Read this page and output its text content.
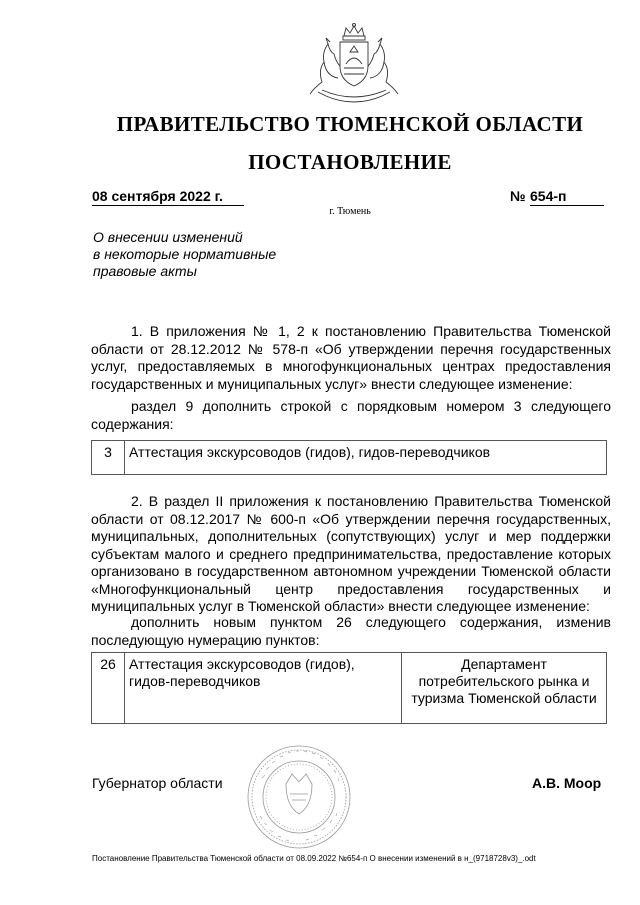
ПРАВИТЕЛЬСТВО ТЮМЕНСКОЙ ОБЛАСТИ
ПОСТАНОВЛЕНИЕ
08 сентября 2022 г.	№ 654-п
г. Тюмень
О внесении изменений
в некоторые нормативные
правовые акты
1. В приложения № 1, 2 к постановлению Правительства Тюменской области от 28.12.2012 № 578-п «Об утверждении перечня государственных услуг, предоставляемых в многофункциональных центрах предоставления государственных и муниципальных услуг» внести следующее изменение:
раздел 9 дополнить строкой с порядковым номером 3 следующего содержания:
3	Аттестация экскурсоводов (гидов), гидов-переводчиков
2. В раздел II приложения к постановлению Правительства Тюменской области от 08.12.2017 № 600-п «Об утверждении перечня государственных, муниципальных, дополнительных (сопутствующих) услуг и мер поддержки субъектам малого и среднего предпринимательства, предоставление которых организовано в государственном автономном учреждении Тюменской области «Многофункциональный центр предоставления государственных и муниципальных услуг в Тюменской области» внести следующее изменение:
дополнить новым пунктом 26 следующего содержания, изменив последующую нумерацию пунктов:
26	Аттестация экскурсоводов (гидов), гидов-переводчиков	Департамент потребительского рынка и туризма Тюменской области
Губернатор области	А.В. Моор
Постановление Правительства Тюменской области от 08.09.2022 №654-п О внесении изменений в н_(9718728v3)_.odt
